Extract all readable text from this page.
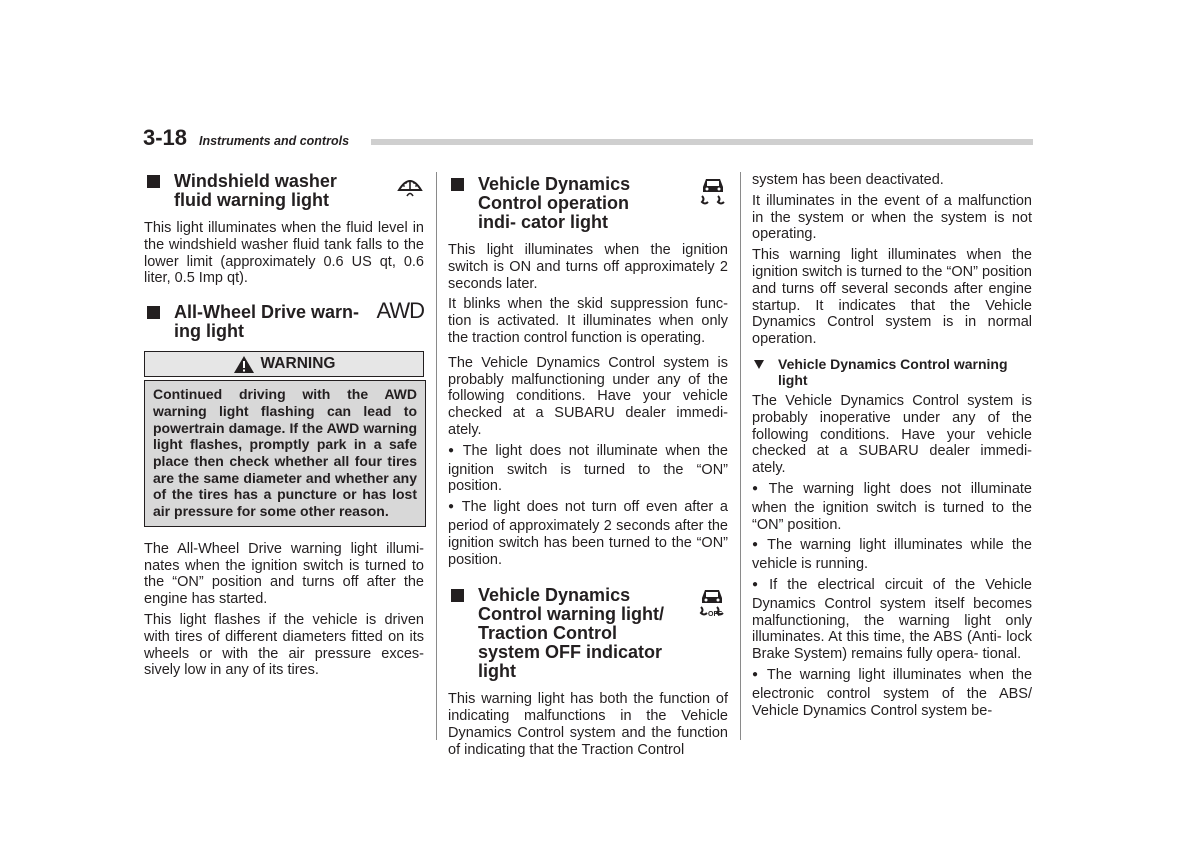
3-18 Instruments and controls
Windshield washer fluid warning light

This light illuminates when the fluid level in the windshield washer fluid tank falls to the lower limit (approximately 0.6 US qt, 0.6 liter, 0.5 Imp qt).

All-Wheel Drive warn- ing light
AWD
WARNING
Continued driving with the AWD warning light flashing can lead to powertrain damage. If the AWD warning light flashes, promptly park in a safe place then check whether all four tires are the same diameter and whether any of the tires has a puncture or has lost air pressure for some other reason.

The All-Wheel Drive warning light illumi- nates when the ignition switch is turned to the “ON” position and turns off after the engine has started.

This light flashes if the vehicle is driven with tires of different diameters fitted on its wheels or with the air pressure exces- sively low in any of its tires.

Vehicle Dynamics Control operation indi- cator light

This light illuminates when the ignition switch is ON and turns off approximately 2 seconds later.

It blinks when the skid suppression func- tion is activated. It illuminates when only the traction control function is operating.

The Vehicle Dynamics Control system is probably malfunctioning under any of the following conditions. Have your vehicle checked at a SUBARU dealer immedi- ately.

● The light does not illuminate when the ignition switch is turned to the “ON” position.

● The light does not turn off even after a period of approximately 2 seconds after the ignition switch has been turned to the “ON” position.

Vehicle Dynamics Control warning light/ Traction Control system OFF indicator light
OFF

This warning light has both the function of indicating malfunctions in the Vehicle Dynamics Control system and the function of indicating that the Traction Control

system has been deactivated.

It illuminates in the event of a malfunction in the system or when the system is not operating.

This warning light illuminates when the ignition switch is turned to the “ON” position and turns off several seconds after engine startup. It indicates that the Vehicle Dynamics Control system is in normal operation.

Vehicle Dynamics Control warning light

The Vehicle Dynamics Control system is probably inoperative under any of the following conditions. Have your vehicle checked at a SUBARU dealer immedi- ately.

● The warning light does not illuminate when the ignition switch is turned to the “ON” position.

● The warning light illuminates while the vehicle is running.

● If the electrical circuit of the Vehicle Dynamics Control system itself becomes malfunctioning, the warning light only illuminates. At this time, the ABS (Anti- lock Brake System) remains fully opera- tional.

● The warning light illuminates when the electronic control system of the ABS/ Vehicle Dynamics Control system be-
